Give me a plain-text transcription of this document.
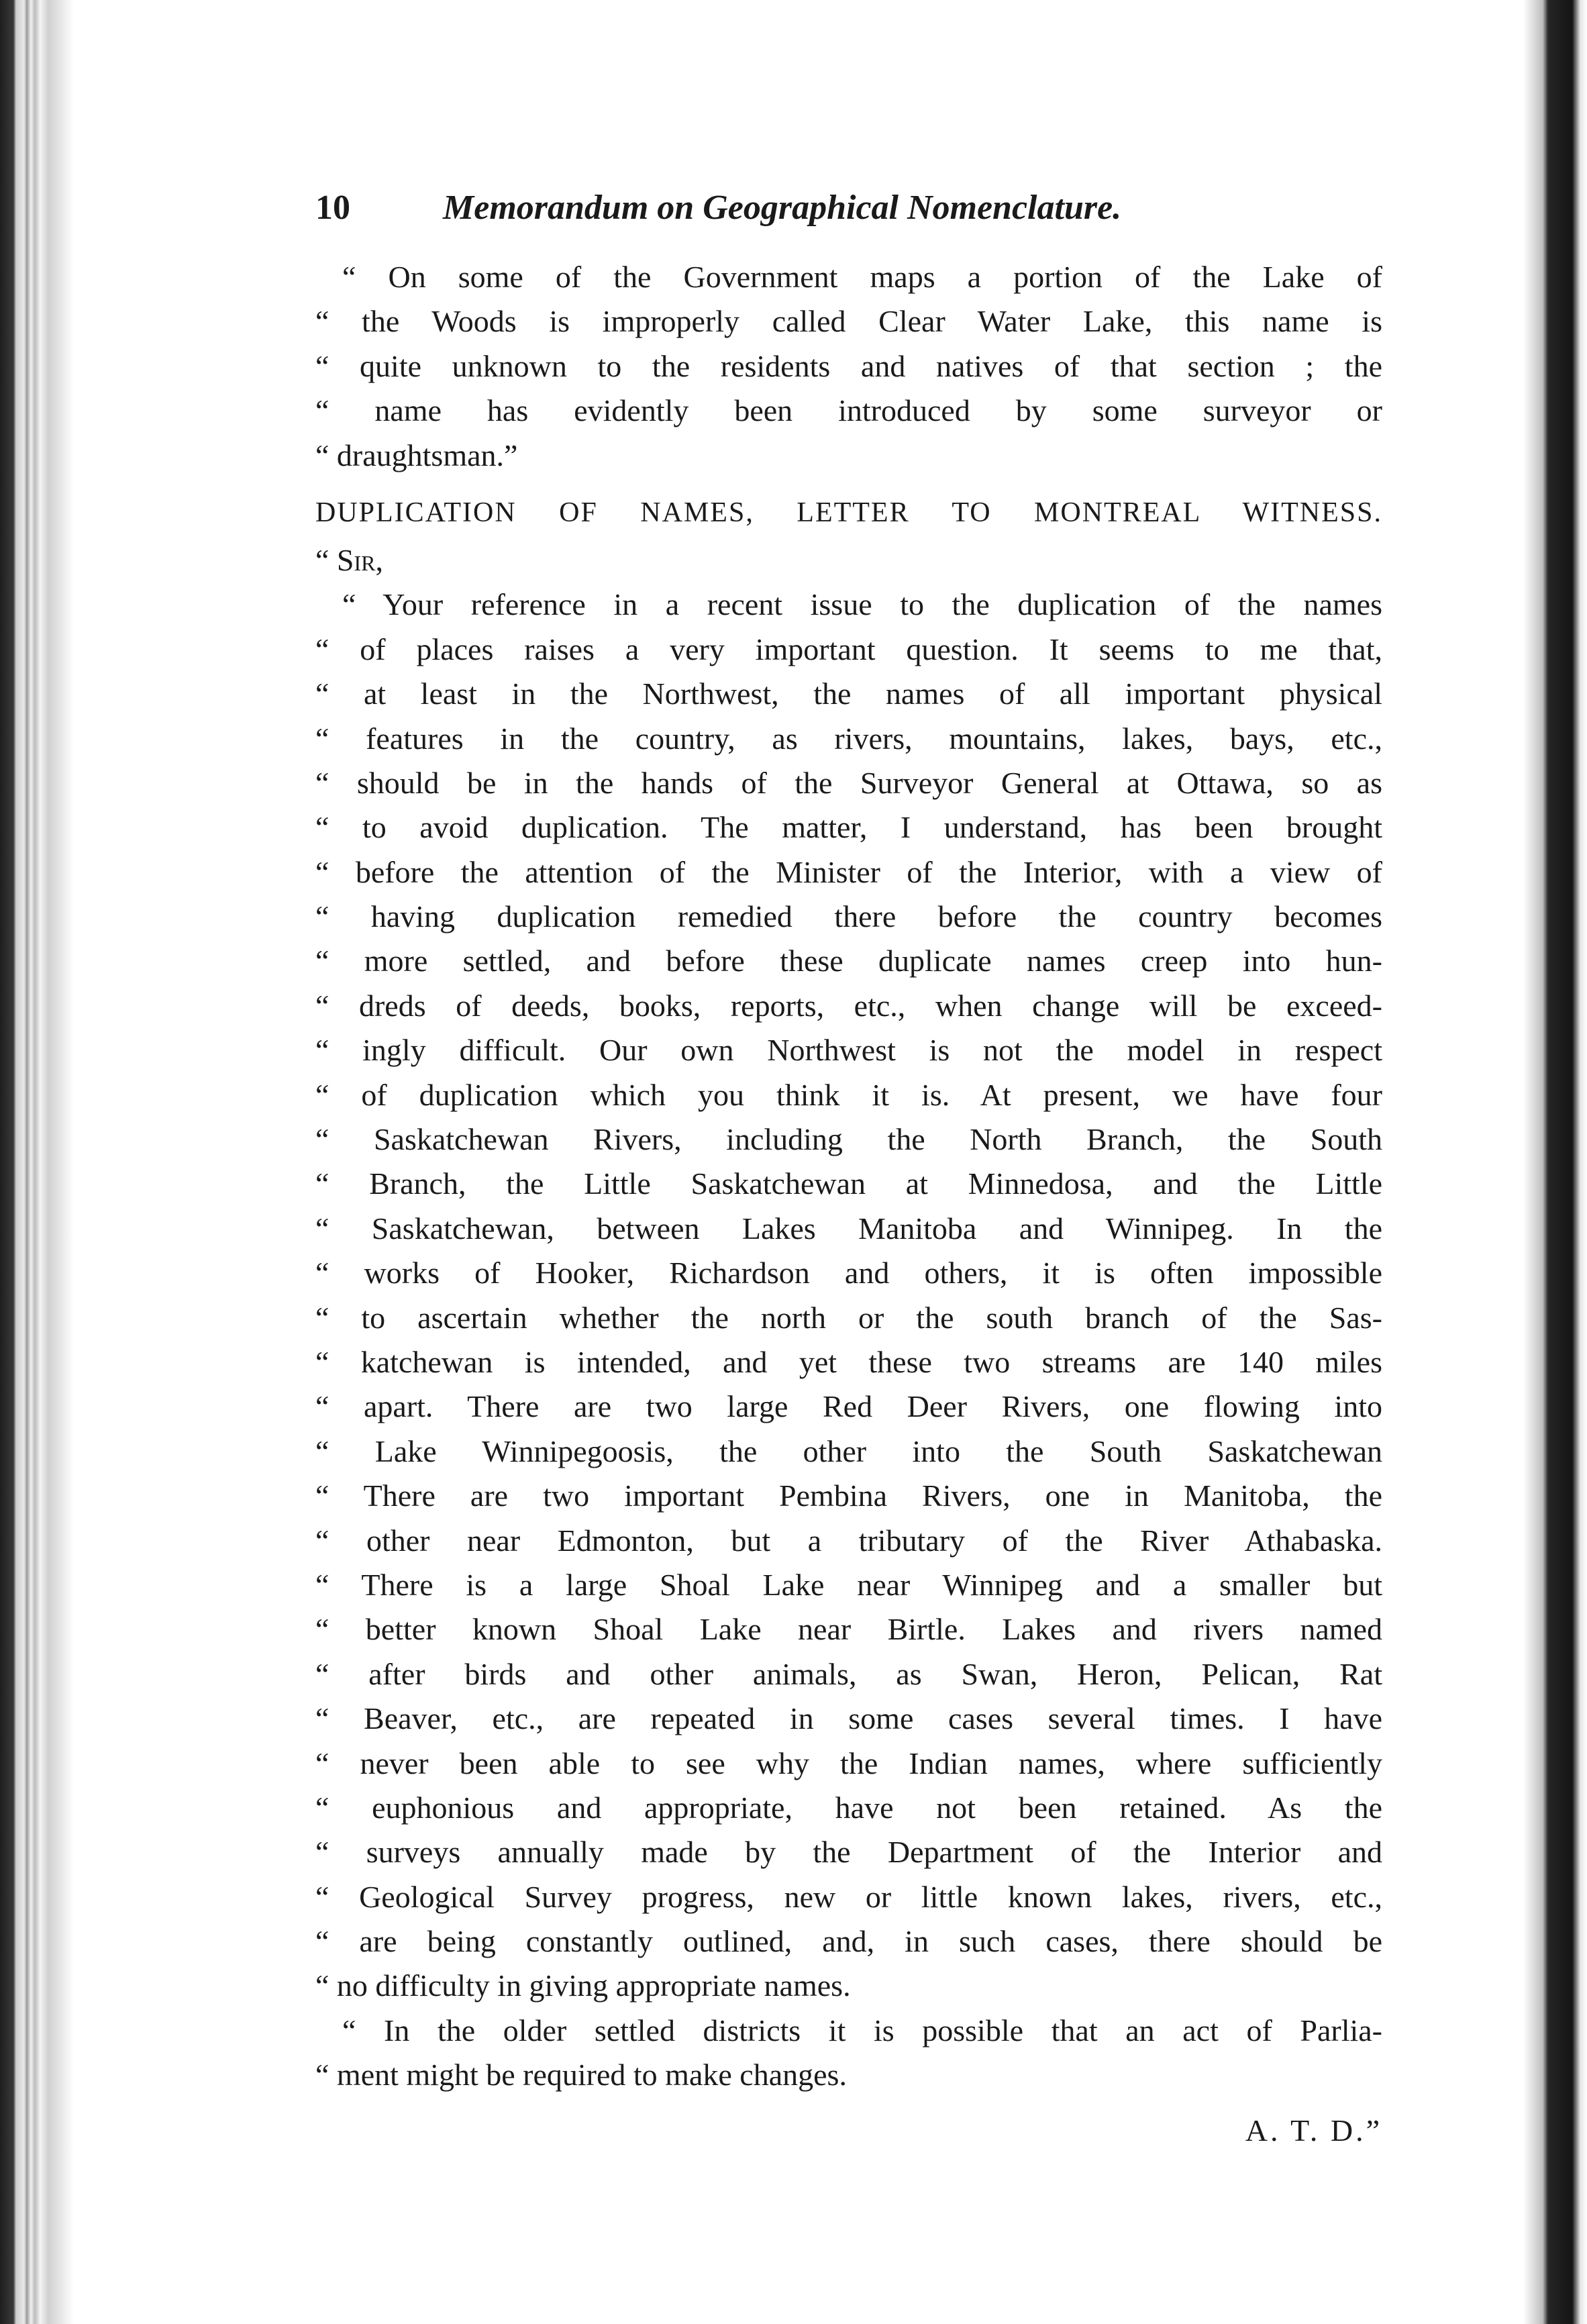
10	Memorandum on Geographical Nomenclature.
“ On some of the Government maps a portion of the Lake of
“ the Woods is improperly called Clear Water Lake, this name is
“ quite unknown to the residents and natives of that section ; the
“ name has evidently been introduced by some surveyor or
“ draughtsman.”
DUPLICATION OF NAMES, LETTER TO MONTREAL WITNESS.
“ Sir,
“ Your reference in a recent issue to the duplication of the names
“ of places raises a very important question. It seems to me that,
“ at least in the Northwest, the names of all important physical
“ features in the country, as rivers, mountains, lakes, bays, etc.,
“ should be in the hands of the Surveyor General at Ottawa, so as
“ to avoid duplication. The matter, I understand, has been brought
“ before the attention of the Minister of the Interior, with a view of
“ having duplication remedied there before the country becomes
“ more settled, and before these duplicate names creep into hun-
“ dreds of deeds, books, reports, etc., when change will be exceed-
“ ingly difficult. Our own Northwest is not the model in respect
“ of duplication which you think it is. At present, we have four
“ Saskatchewan Rivers, including the North Branch, the South
“ Branch, the Little Saskatchewan at Minnedosa, and the Little
“ Saskatchewan, between Lakes Manitoba and Winnipeg. In the
“ works of Hooker, Richardson and others, it is often impossible
“ to ascertain whether the north or the south branch of the Sas-
“ katchewan is intended, and yet these two streams are 140 miles
“ apart. There are two large Red Deer Rivers, one flowing into
“ Lake Winnipegoosis, the other into the South Saskatchewan
“ There are two important Pembina Rivers, one in Manitoba, the
“ other near Edmonton, but a tributary of the River Athabaska.
“ There is a large Shoal Lake near Winnipeg and a smaller but
“ better known Shoal Lake near Birtle. Lakes and rivers named
“ after birds and other animals, as Swan, Heron, Pelican, Rat
“ Beaver, etc., are repeated in some cases several times. I have
“ never been able to see why the Indian names, where sufficiently
“ euphonious and appropriate, have not been retained. As the
“ surveys annually made by the Department of the Interior and
“ Geological Survey progress, new or little known lakes, rivers, etc.,
“ are being constantly outlined, and, in such cases, there should be
“ no difficulty in giving appropriate names.
“ In the older settled districts it is possible that an act of Parlia-
“ ment might be required to make changes.
A. T. D.”
